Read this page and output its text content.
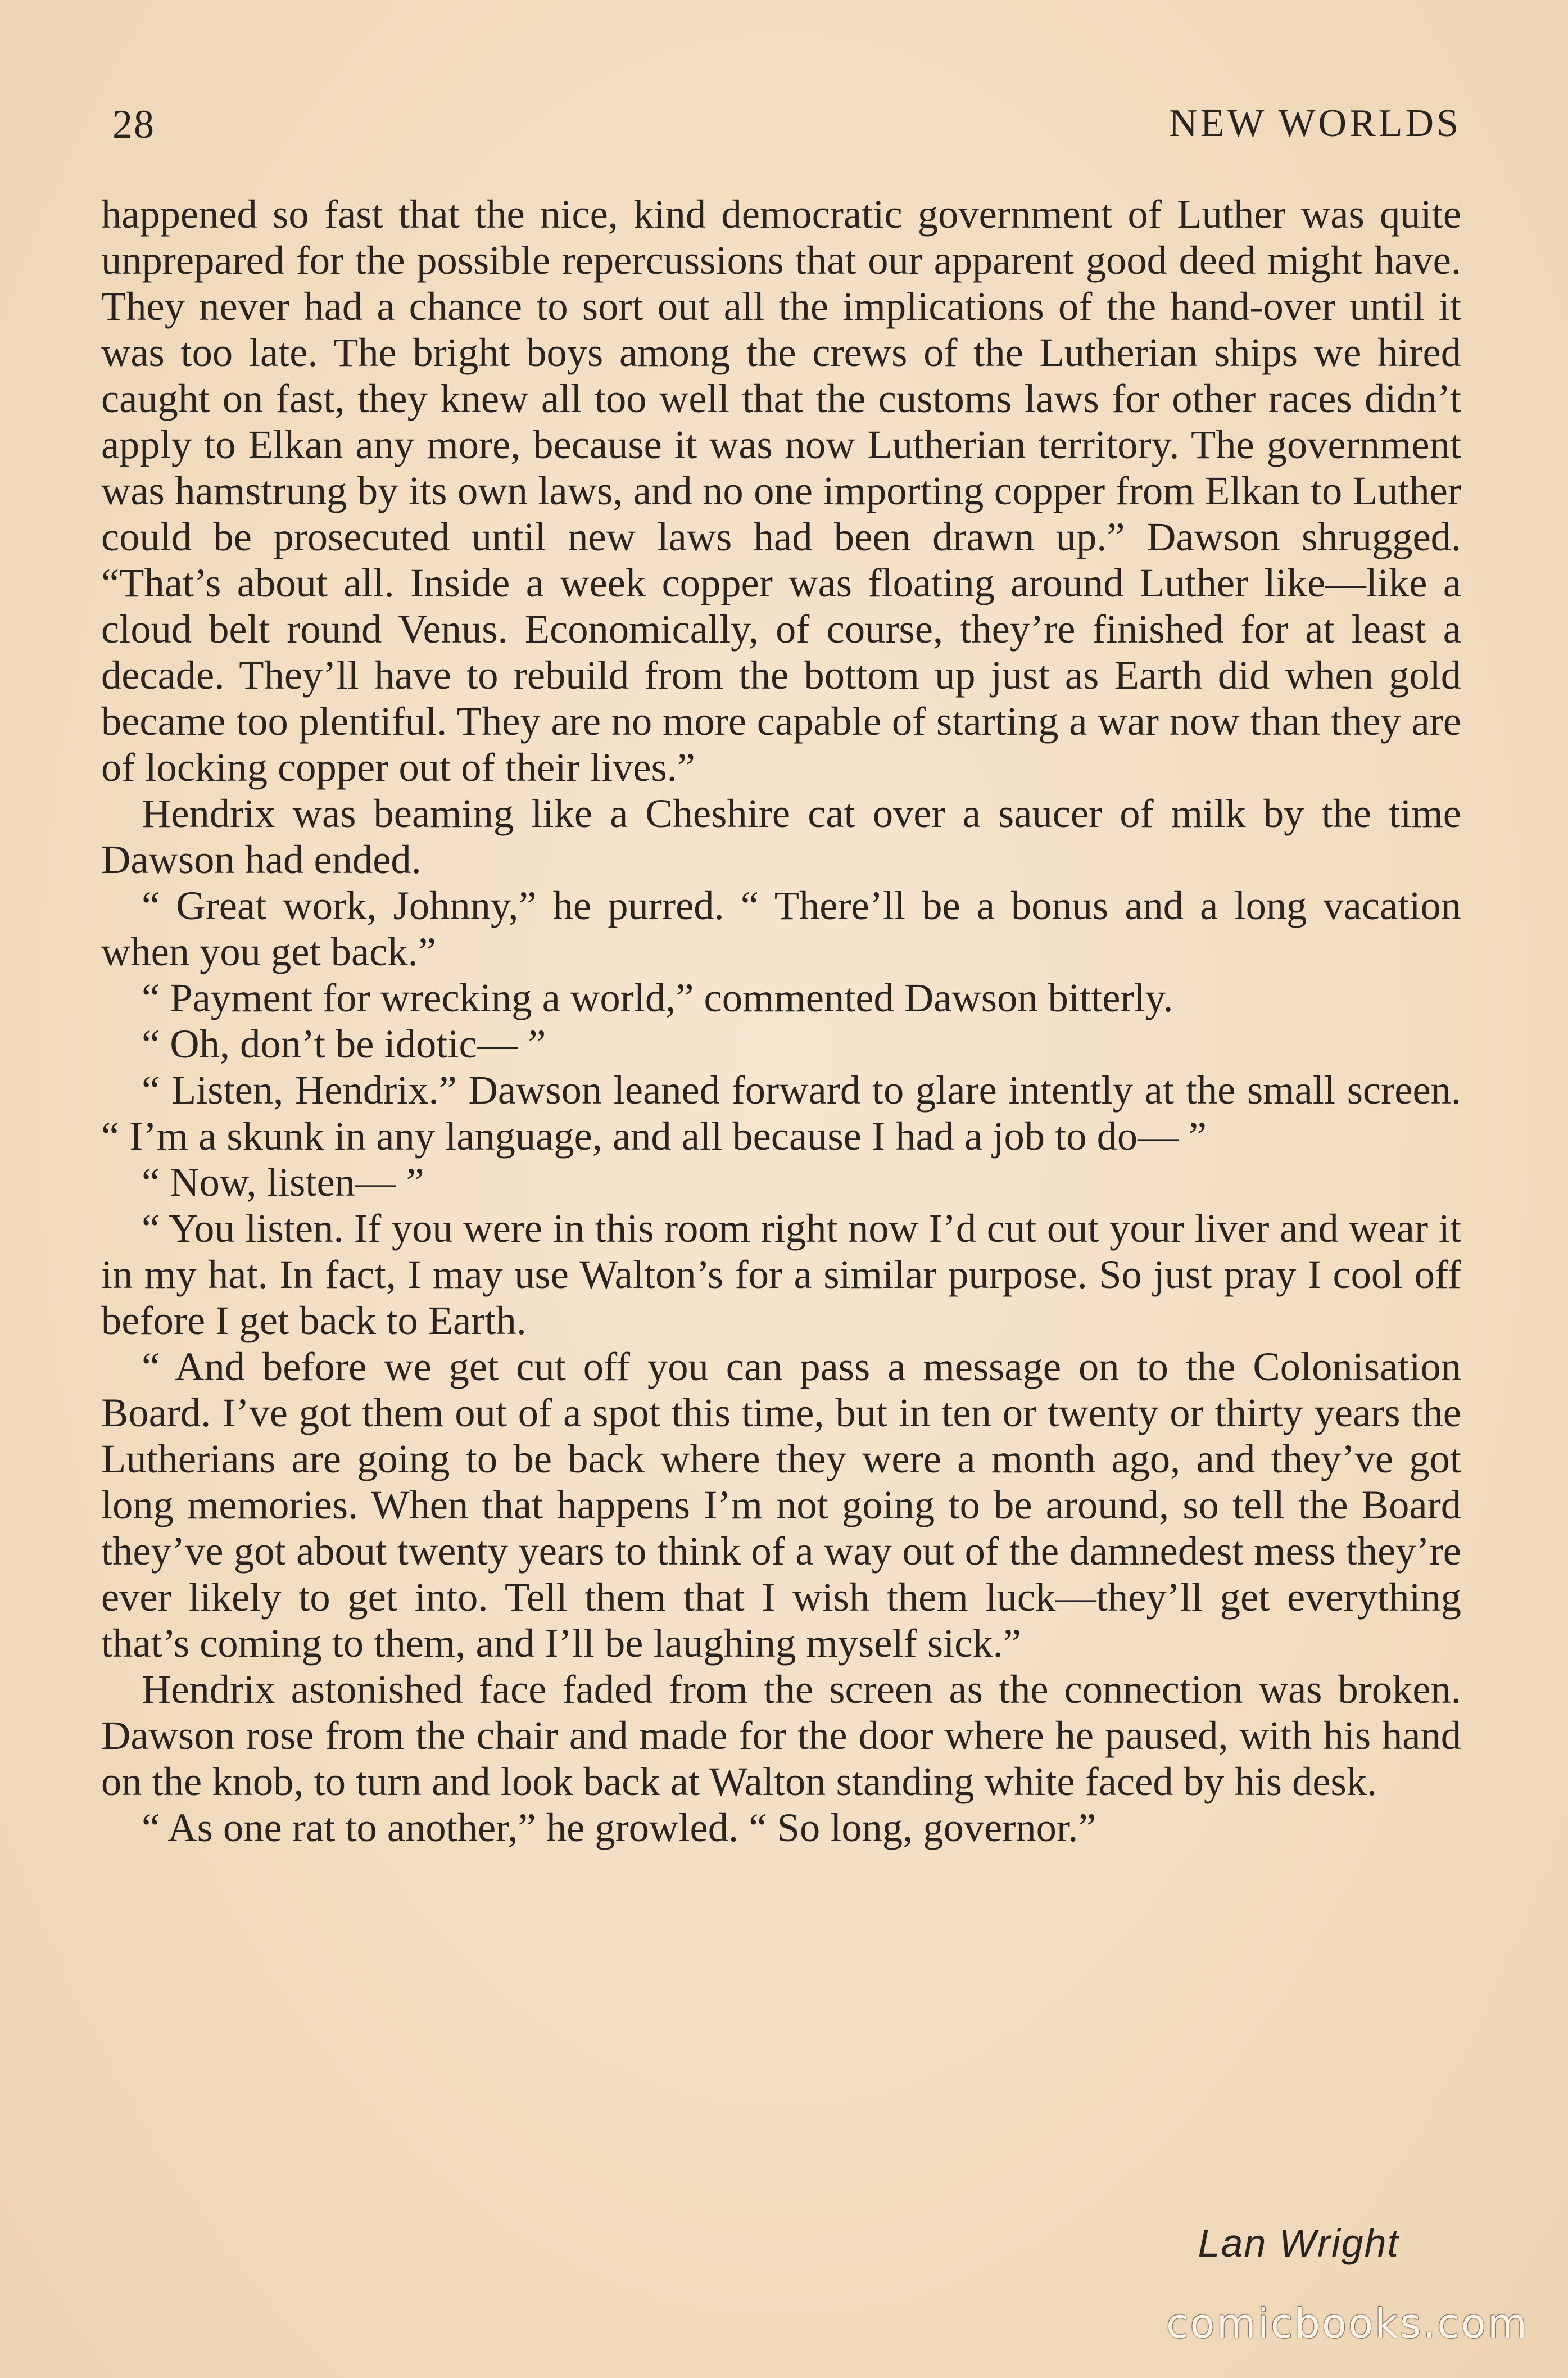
28	NEW WORLDS

happened so fast that the nice, kind democratic government of Luther was quite unprepared for the possible repercussions that our apparent good deed might have. They never had a chance to sort out all the implications of the hand-over until it was too late. The bright boys among the crews of the Lutherian ships we hired caught on fast, they knew all too well that the customs laws for other races didn’t apply to Elkan any more, because it was now Lutherian territory. The government was hamstrung by its own laws, and no one importing copper from Elkan to Luther could be prosecuted until new laws had been drawn up.” Dawson shrugged. “That’s about all. Inside a week copper was floating around Luther like—like a cloud belt round Venus. Economically, of course, they’re finished for at least a decade. They’ll have to rebuild from the bottom up just as Earth did when gold became too plentiful. They are no more capable of starting a war now than they are of locking copper out of their lives.”

Hendrix was beaming like a Cheshire cat over a saucer of milk by the time Dawson had ended.

“ Great work, Johnny,” he purred. “ There’ll be a bonus and a long vacation when you get back.”

“ Payment for wrecking a world,” commented Dawson bitterly.

“ Oh, don’t be idotic— ”

“ Listen, Hendrix.” Dawson leaned forward to glare intently at the small screen. “ I’m a skunk in any language, and all because I had a job to do— ”

“ Now, listen— ”

“ You listen. If you were in this room right now I’d cut out your liver and wear it in my hat. In fact, I may use Walton’s for a similar purpose. So just pray I cool off before I get back to Earth.

“ And before we get cut off you can pass a message on to the Colonisation Board. I’ve got them out of a spot this time, but in ten or twenty or thirty years the Lutherians are going to be back where they were a month ago, and they’ve got long memories. When that happens I’m not going to be around, so tell the Board they’ve got about twenty years to think of a way out of the damnedest mess they’re ever likely to get into. Tell them that I wish them luck—they’ll get everything that’s coming to them, and I’ll be laughing myself sick.”

Hendrix astonished face faded from the screen as the connection was broken. Dawson rose from the chair and made for the door where he paused, with his hand on the knob, to turn and look back at Walton standing white faced by his desk.

“ As one rat to another,” he growled. “ So long, governor.”

Lan Wright
comicbooks.com
